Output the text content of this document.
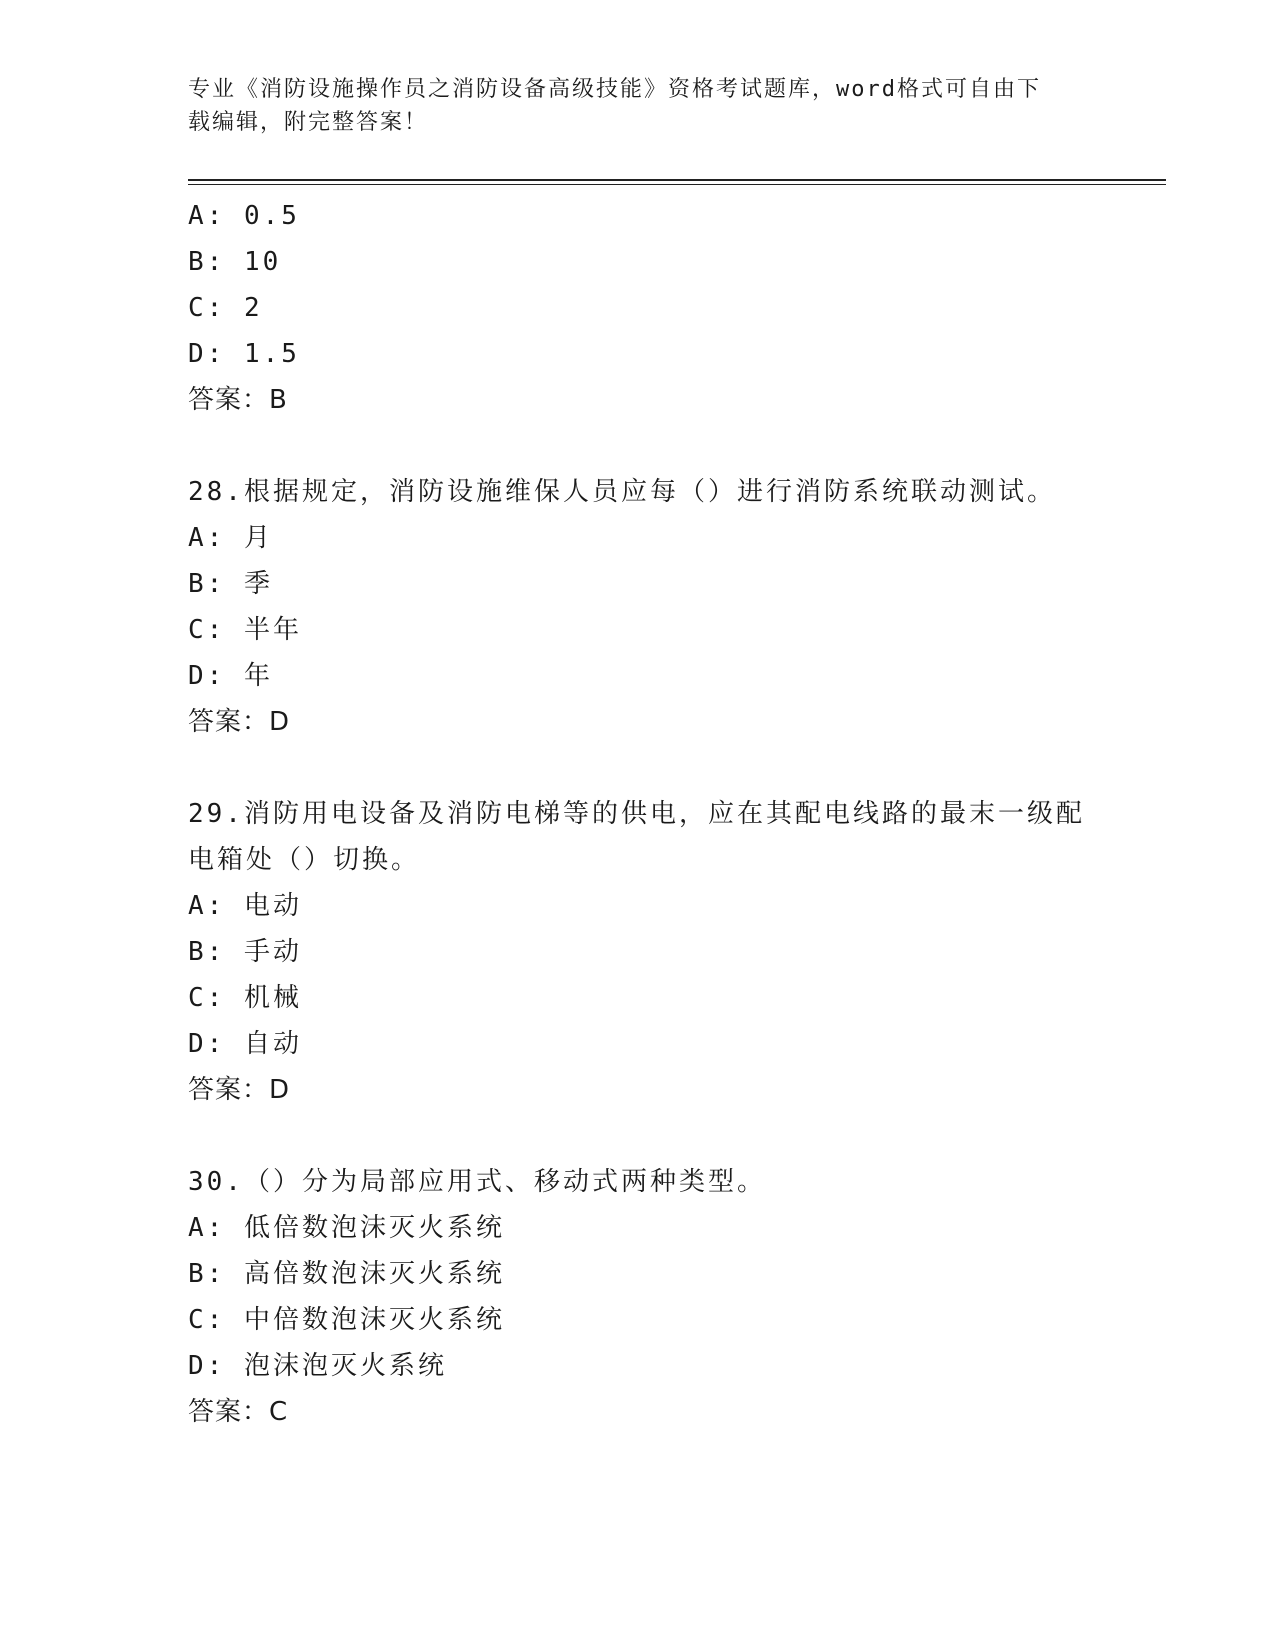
专业《消防设施操作员之消防设备高级技能》资格考试题库，word格式可自由下
载编辑，附完整答案！
A: 0.5
B: 10
C: 2
D: 1.5
答案：B
28.根据规定，消防设施维保人员应每（）进行消防系统联动测试。
A: 月
B: 季
C: 半年
D: 年
答案：D
29.消防用电设备及消防电梯等的供电，应在其配电线路的最末一级配
电箱处（）切换。
A: 电动
B: 手动
C: 机械
D: 自动
答案：D
30.（）分为局部应用式、移动式两种类型。
A: 低倍数泡沫灭火系统
B: 高倍数泡沫灭火系统
C: 中倍数泡沫灭火系统
D: 泡沫泡灭火系统
答案：C
